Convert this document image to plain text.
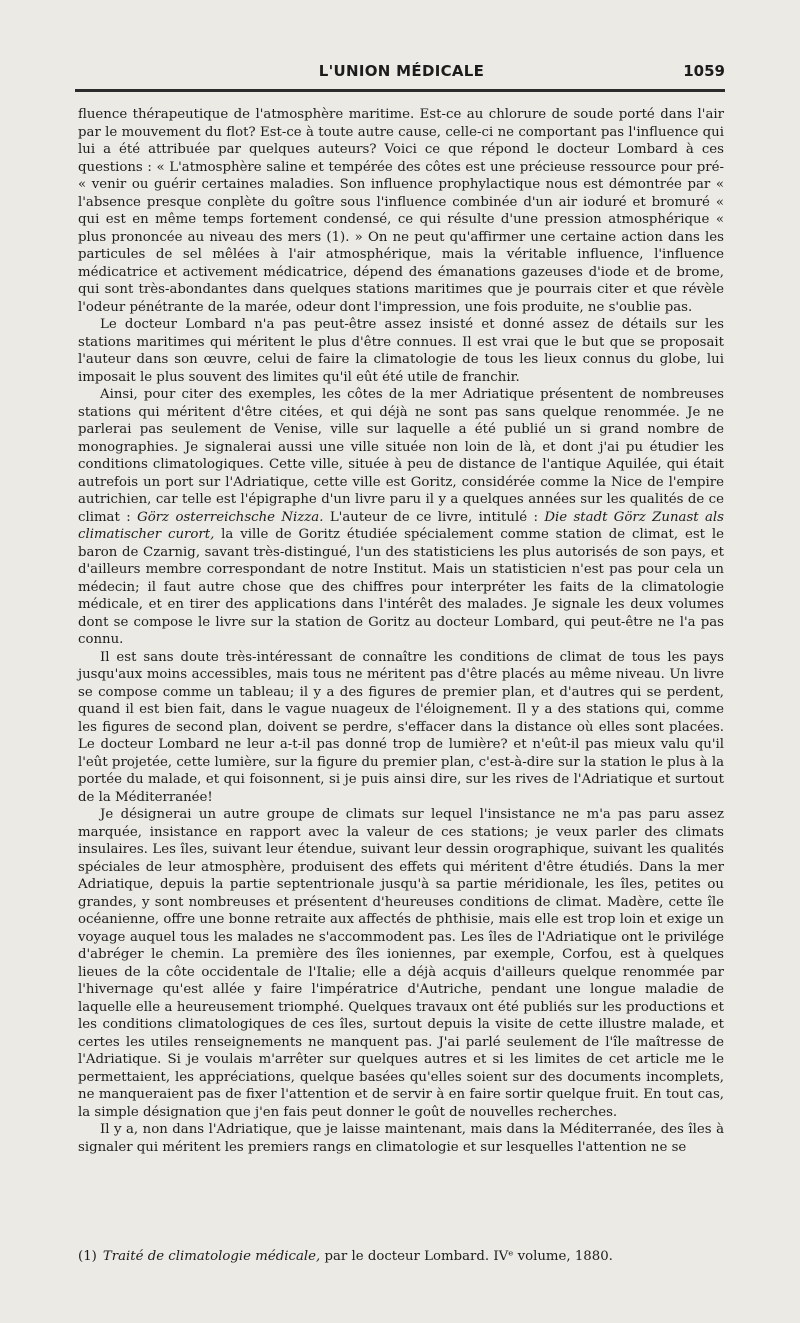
L'UNION MÉDICALE	1059

fluence thérapeutique de l'atmosphère maritime. Est-ce au chlorure de soude porté dans l'air par le mouvement du flot? Est-ce à toute autre cause, celle-ci ne comportant pas l'influence qui lui a été attribuée par quelques auteurs? Voici ce que répond le docteur Lombard à ces questions : « L'atmosphère saline et tempérée des côtes est une précieuse ressource pour pré- « venir ou guérir certaines maladies. Son influence prophylactique nous est démontrée par « l'absence presque conplète du goître sous l'influence combinée d'un air ioduré et bromuré « qui est en même temps fortement condensé, ce qui résulte d'une pression atmosphérique « plus prononcée au niveau des mers (1). » On ne peut qu'affirmer une certaine action dans les particules de sel mêlées à l'air atmosphérique, mais la véritable influence, l'influence médicatrice et activement médicatrice, dépend des émanations gazeuses d'iode et de brome, qui sont très-abondantes dans quelques stations maritimes que je pourrais citer et que révèle l'odeur pénétrante de la marée, odeur dont l'impression, une fois produite, ne s'oublie pas.

Le docteur Lombard n'a pas peut-être assez insisté et donné assez de détails sur les stations maritimes qui méritent le plus d'être connues. Il est vrai que le but que se proposait l'auteur dans son œuvre, celui de faire la climatologie de tous les lieux connus du globe, lui imposait le plus souvent des limites qu'il eût été utile de franchir.

Ainsi, pour citer des exemples, les côtes de la mer Adriatique présentent de nombreuses stations qui méritent d'être citées, et qui déjà ne sont pas sans quelque renommée. Je ne parlerai pas seulement de Venise, ville sur laquelle a été publié un si grand nombre de monographies. Je signalerai aussi une ville située non loin de là, et dont j'ai pu étudier les conditions climatologiques. Cette ville, située à peu de distance de l'antique Aquilée, qui était autrefois un port sur l'Adriatique, cette ville est Goritz, considérée comme la Nice de l'empire autrichien, car telle est l'épigraphe d'un livre paru il y a quelques années sur les qualités de ce climat : Görz osterreichsche Nizza. L'auteur de ce livre, intitulé : Die stadt Görz Zunast als climatischer curort, la ville de Goritz étudiée spécialement comme station de climat, est le baron de Czarnig, savant très-distingué, l'un des statisticiens les plus autorisés de son pays, et d'ailleurs membre correspondant de notre Institut. Mais un statisticien n'est pas pour cela un médecin; il faut autre chose que des chiffres pour interpréter les faits de la climatologie médicale, et en tirer des applications dans l'intérêt des malades. Je signale les deux volumes dont se compose le livre sur la station de Goritz au docteur Lombard, qui peut-être ne l'a pas connu.

Il est sans doute très-intéressant de connaître les conditions de climat de tous les pays jusqu'aux moins accessibles, mais tous ne méritent pas d'être placés au même niveau. Un livre se compose comme un tableau; il y a des figures de premier plan, et d'autres qui se perdent, quand il est bien fait, dans le vague nuageux de l'éloignement. Il y a des stations qui, comme les figures de second plan, doivent se perdre, s'effacer dans la distance où elles sont placées. Le docteur Lombard ne leur a-t-il pas donné trop de lumière? et n'eût-il pas mieux valu qu'il l'eût projetée, cette lumière, sur la figure du premier plan, c'est-à-dire sur la station le plus à la portée du malade, et qui foisonnent, si je puis ainsi dire, sur les rives de l'Adriatique et surtout de la Méditerranée!

Je désignerai un autre groupe de climats sur lequel l'insistance ne m'a pas paru assez marquée, insistance en rapport avec la valeur de ces stations; je veux parler des climats insulaires. Les îles, suivant leur étendue, suivant leur dessin orographique, suivant les qualités spéciales de leur atmosphère, produisent des effets qui méritent d'être étudiés. Dans la mer Adriatique, depuis la partie septentrionale jusqu'à sa partie méridionale, les îles, petites ou grandes, y sont nombreuses et présentent d'heureuses conditions de climat. Madère, cette île océanienne, offre une bonne retraite aux affectés de phthisie, mais elle est trop loin et exige un voyage auquel tous les malades ne s'accommodent pas. Les îles de l'Adriatique ont le privilége d'abréger le chemin. La première des îles ioniennes, par exemple, Corfou, est à quelques lieues de la côte occidentale de l'Italie; elle a déjà acquis d'ailleurs quelque renommée par l'hivernage qu'est allée y faire l'impératrice d'Autriche, pendant une longue maladie de laquelle elle a heureusement triomphé. Quelques travaux ont été publiés sur les productions et les conditions climatologiques de ces îles, surtout depuis la visite de cette illustre malade, et certes les utiles renseignements ne manquent pas. J'ai parlé seulement de l'île maîtresse de l'Adriatique. Si je voulais m'arrêter sur quelques autres et si les limites de cet article me le permettaient, les appréciations, quelque basées qu'elles soient sur des documents incomplets, ne manqueraient pas de fixer l'attention et de servir à en faire sortir quelque fruit. En tout cas, la simple désignation que j'en fais peut donner le goût de nouvelles recherches.

Il y a, non dans l'Adriatique, que je laisse maintenant, mais dans la Méditerranée, des îles à signaler qui méritent les premiers rangs en climatologie et sur lesquelles l'attention ne se

(1) Traité de climatologie médicale, par le docteur Lombard. IVᵉ volume, 1880.
